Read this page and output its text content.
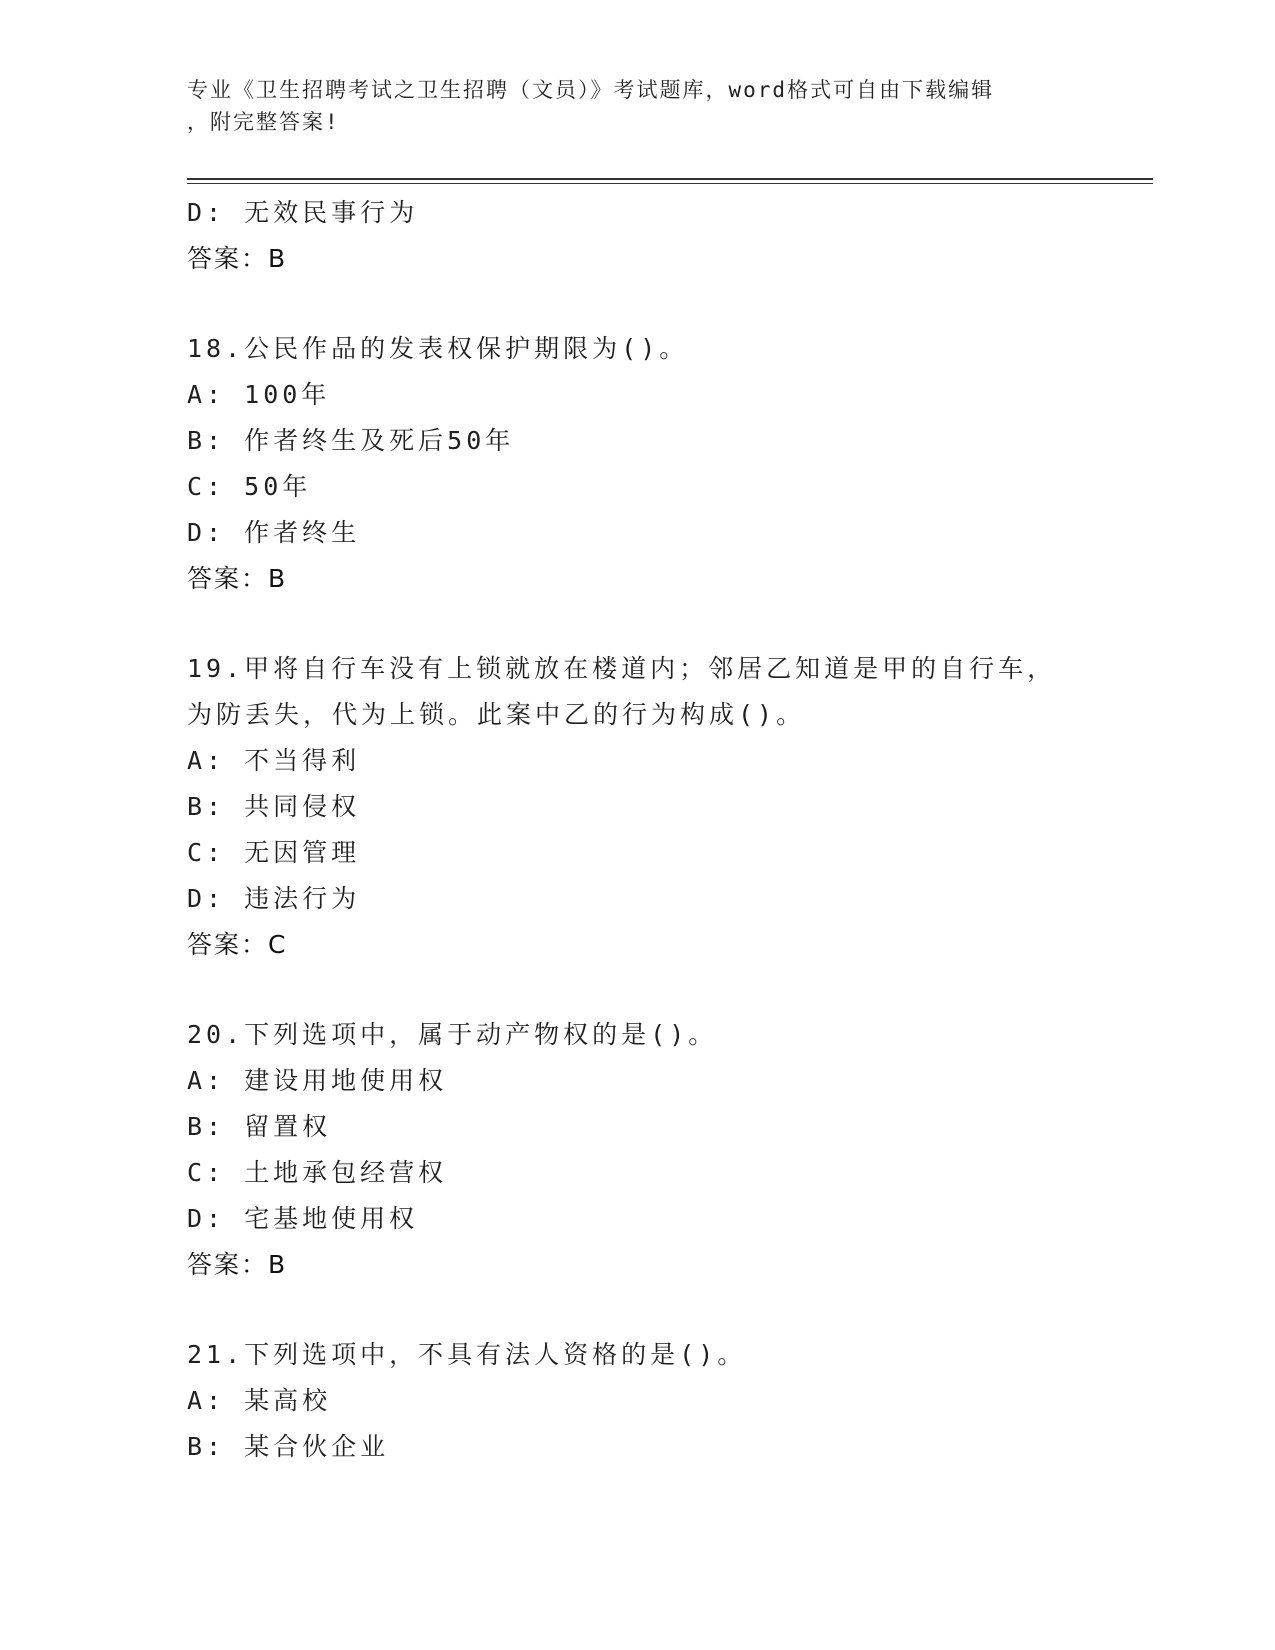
专业《卫生招聘考试之卫生招聘（文员）》考试题库，word格式可自由下载编辑
，附完整答案!
D: 无效民事行为
答案：B
18.公民作品的发表权保护期限为()。
A: 100年
B: 作者终生及死后50年
C: 50年
D: 作者终生
答案：B
19.甲将自行车没有上锁就放在楼道内；邻居乙知道是甲的自行车，为防丢失，代为上锁。此案中乙的行为构成()。
A: 不当得利
B: 共同侵权
C: 无因管理
D: 违法行为
答案：C
20.下列选项中，属于动产物权的是()。
A: 建设用地使用权
B: 留置权
C: 土地承包经营权
D: 宅基地使用权
答案：B
21.下列选项中，不具有法人资格的是()。
A: 某高校
B: 某合伙企业
